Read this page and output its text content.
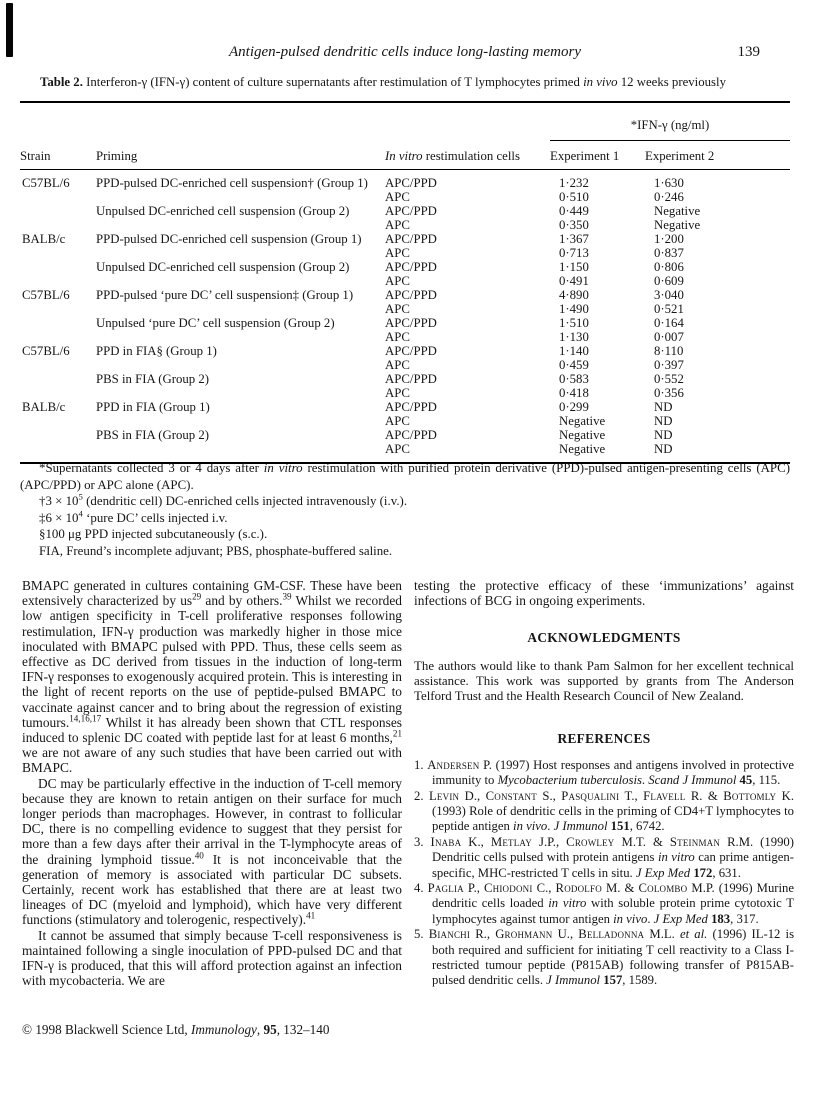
Antigen-pulsed dendritic cells induce long-lasting memory	139
Table 2. Interferon-γ (IFN-γ) content of culture supernatants after restimulation of T lymphocytes primed in vivo 12 weeks previously
			*IFN-γ (ng/ml)	
Strain	Priming	In vitro restimulation cells	Experiment 1	Experiment 2
C57BL/6	PPD-pulsed DC-enriched cell suspension† (Group 1)	APC/PPD	1·232	1·630
		APC	0·510	0·246
	Unpulsed DC-enriched cell suspension (Group 2)	APC/PPD	0·449	Negative
		APC	0·350	Negative
BALB/c	PPD-pulsed DC-enriched cell suspension (Group 1)	APC/PPD	1·367	1·200
		APC	0·713	0·837
	Unpulsed DC-enriched cell suspension (Group 2)	APC/PPD	1·150	0·806
		APC	0·491	0·609
C57BL/6	PPD-pulsed ‘pure DC’ cell suspension‡ (Group 1)	APC/PPD	4·890	3·040
		APC	1·490	0·521
	Unpulsed ‘pure DC’ cell suspension (Group 2)	APC/PPD	1·510	0·164
		APC	1·130	0·007
C57BL/6	PPD in FIA§ (Group 1)	APC/PPD	1·140	8·110
		APC	0·459	0·397
	PBS in FIA (Group 2)	APC/PPD	0·583	0·552
		APC	0·418	0·356
BALB/c	PPD in FIA (Group 1)	APC/PPD	0·299	ND
		APC	Negative	ND
	PBS in FIA (Group 2)	APC/PPD	Negative	ND
		APC	Negative	ND

*Supernatants collected 3 or 4 days after in vitro restimulation with purified protein derivative (PPD)-pulsed antigen-presenting cells (APC) (APC/PPD) or APC alone (APC).

†3 × $10^5$ (dendritic cell) DC-enriched cells injected intravenously (i.v.).

‡6 × $10^4$ ‘pure DC’ cells injected i.v.

§100 μg PPD injected subcutaneously (s.c.).

FIA, Freund’s incomplete adjuvant; PBS, phosphate-buffered saline.

BMAPC generated in cultures containing GM-CSF. These have been extensively characterized by $us^{29}$ and by others.$^{39}$ Whilst we recorded low antigen specificity in T-cell proliferative responses following restimulation, IFN-γ production was markedly higher in those mice inoculated with BMAPC pulsed with PPD. Thus, these cells seem as effective as DC derived from tissues in the induction of long-term IFN-γ responses to exogenously acquired protein. This is interesting in the light of recent reports on the use of peptide-pulsed BMAPC to vaccinate against cancer and to bring about the regression of existing tumours.$^{14,16,17}$ Whilst it has already been shown that CTL responses induced to splenic DC coated with peptide last for at least 6 months,$^{21}$ we are not aware of any such studies that have been carried out with BMAPC.

DC may be particularly effective in the induction of T-cell memory because they are known to retain antigen on their surface for much longer periods than macrophages. However, in contrast to follicular DC, there is no compelling evidence to suggest that they persist for more than a few days after their arrival in the T-lymphocyte areas of the draining lymphoid tissue.$^{40}$ It is not inconceivable that the generation of memory is associated with particular DC subsets. Certainly, recent work has established that there are at least two lineages of DC (myeloid and lymphoid), which have very different functions (stimulatory and tolerogenic, respectively).$^{41}$

It cannot be assumed that simply because T-cell responsiveness is maintained following a single inoculation of PPD-pulsed DC and that IFN-γ is produced, that this will afford protection against an infection with mycobacteria. We are

testing the protective efficacy of these ‘immunizations’ against infections of BCG in ongoing experiments.

ACKNOWLEDGMENTS

The authors would like to thank Pam Salmon for her excellent technical assistance. This work was supported by grants from The Anderson Telford Trust and the Health Research Council of New Zealand.

REFERENCES
Andersen P. (1997) Host responses and antigens involved in protective immunity to Mycobacterium tuberculosis. Scand J Immunol 45, 115.
Levin D., Constant S., Pasqualini T., Flavell R. & Bottomly K. (1993) Role of dendritic cells in the priming of CD4+T lymphocytes to peptide antigen in vivo. J Immunol 151, 6742.
Inaba K., Metlay J.P., Crowley M.T. & Steinman R.M. (1990) Dendritic cells pulsed with protein antigens in vitro can prime antigen-specific, MHC-restricted T cells in situ. J Exp Med 172, 631.
Paglia P., Chiodoni C., Rodolfo M. & Colombo M.P. (1996) Murine dendritic cells loaded in vitro with soluble protein prime cytotoxic T lymphocytes against tumor antigen in vivo. J Exp Med 183, 317.
Bianchi R., Grohmann U., Belladonna M.L. et al. (1996) IL-12 is both required and sufficient for initiating T cell reactivity to a Class I-restricted tumour peptide (P815AB) following transfer of P815AB-pulsed dendritic cells. J Immunol 157, 1589.
© 1998 Blackwell Science Ltd, Immunology, 95, 132–140
